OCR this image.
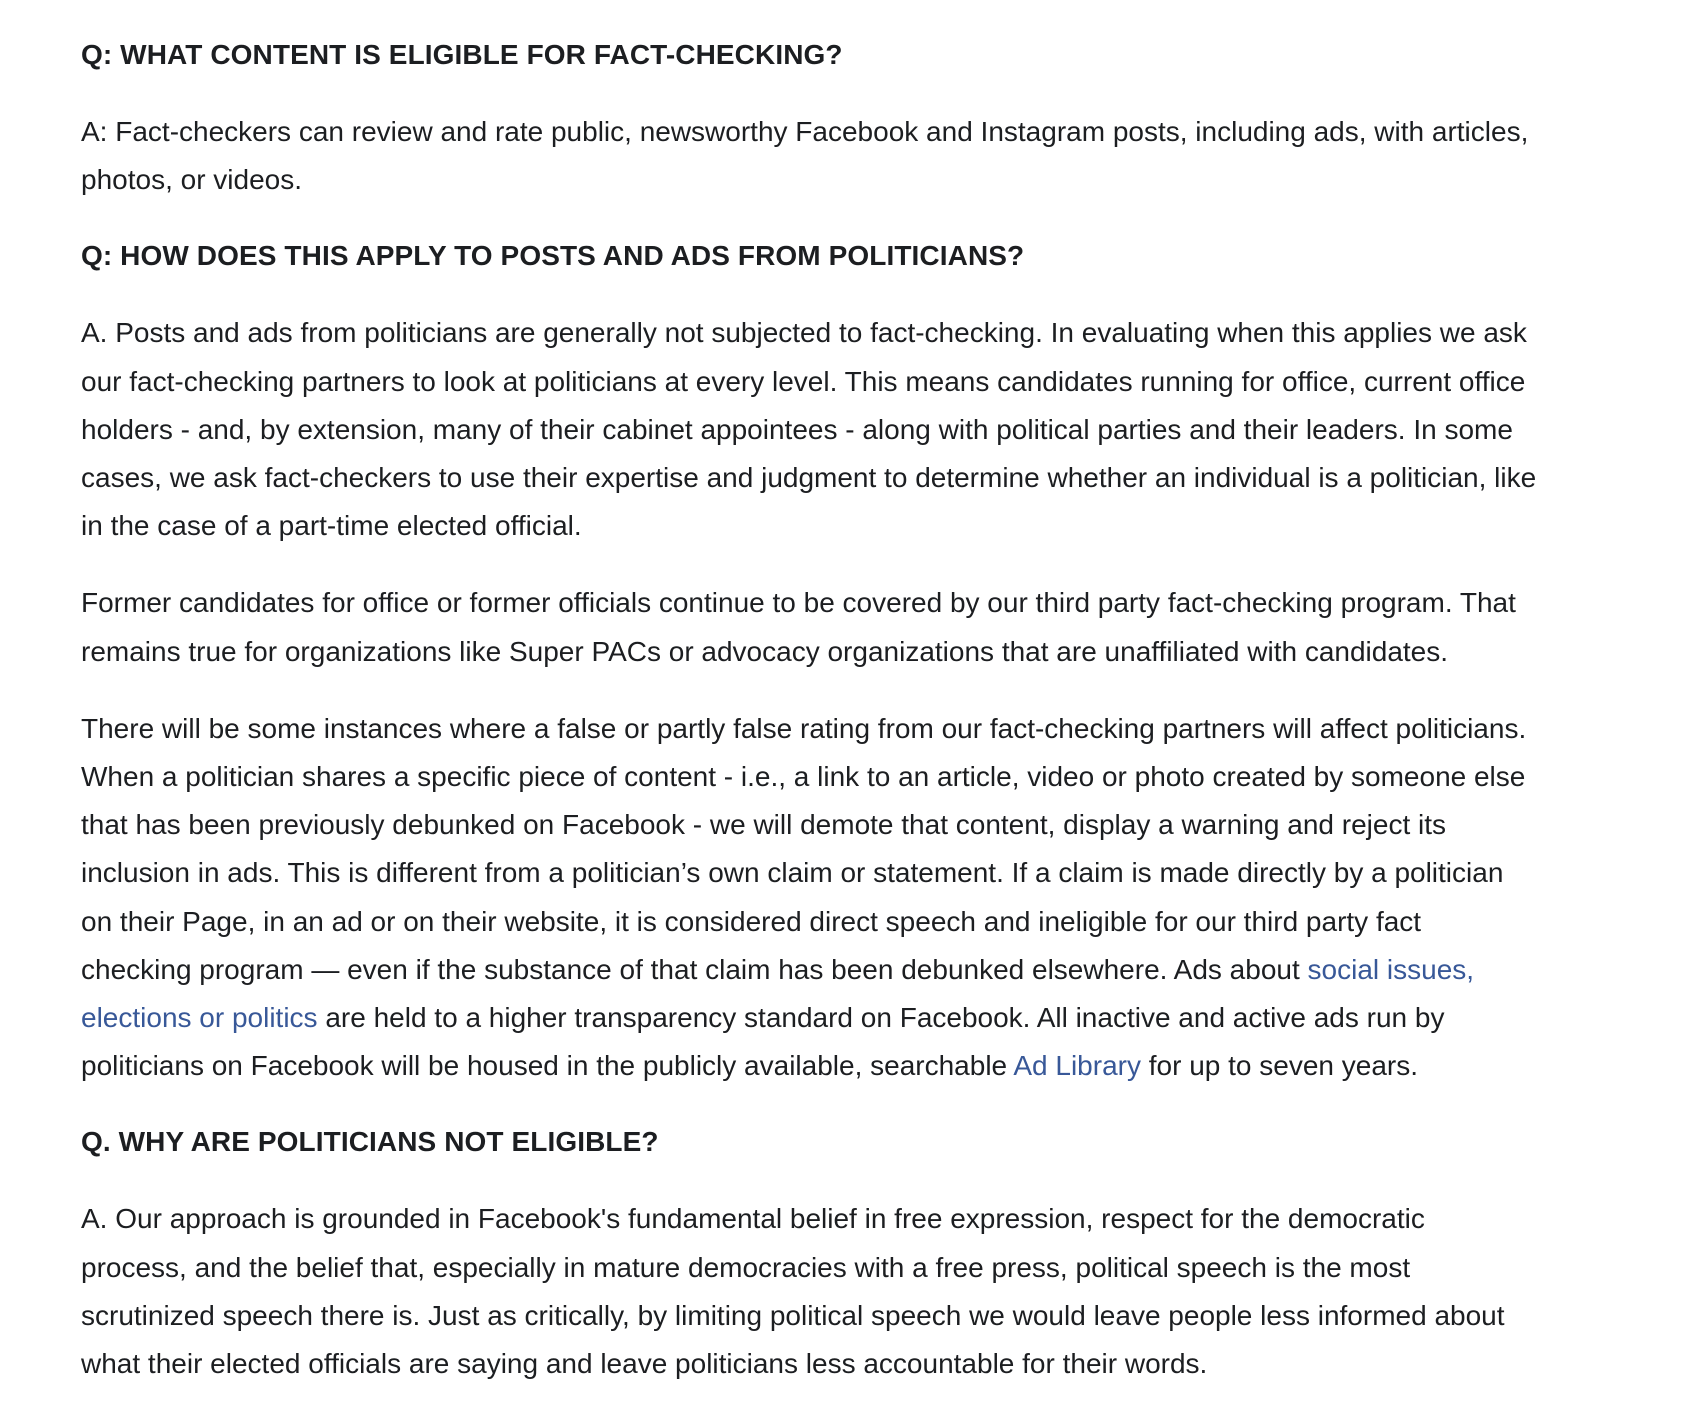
Q: WHAT CONTENT IS ELIGIBLE FOR FACT-CHECKING?

A: Fact-checkers can review and rate public, newsworthy Facebook and Instagram posts, including ads, with articles,
photos, or videos.

Q: HOW DOES THIS APPLY TO POSTS AND ADS FROM POLITICIANS?

A. Posts and ads from politicians are generally not subjected to fact-checking. In evaluating when this applies we ask
our fact-checking partners to look at politicians at every level. This means candidates running for office, current office
holders - and, by extension, many of their cabinet appointees - along with political parties and their leaders. In some
cases, we ask fact-checkers to use their expertise and judgment to determine whether an individual is a politician, like
in the case of a part-time elected official.

Former candidates for office or former officials continue to be covered by our third party fact-checking program. That
remains true for organizations like Super PACs or advocacy organizations that are unaffiliated with candidates.

There will be some instances where a false or partly false rating from our fact-checking partners will affect politicians.
When a politician shares a specific piece of content - i.e., a link to an article, video or photo created by someone else
that has been previously debunked on Facebook - we will demote that content, display a warning and reject its
inclusion in ads. This is different from a politician’s own claim or statement. If a claim is made directly by a politician
on their Page, in an ad or on their website, it is considered direct speech and ineligible for our third party fact
checking program — even if the substance of that claim has been debunked elsewhere. Ads about social issues,
elections or politics are held to a higher transparency standard on Facebook. All inactive and active ads run by
politicians on Facebook will be housed in the publicly available, searchable Ad Library for up to seven years.

Q. WHY ARE POLITICIANS NOT ELIGIBLE?

A. Our approach is grounded in Facebook's fundamental belief in free expression, respect for the democratic
process, and the belief that, especially in mature democracies with a free press, political speech is the most
scrutinized speech there is. Just as critically, by limiting political speech we would leave people less informed about
what their elected officials are saying and leave politicians less accountable for their words.
